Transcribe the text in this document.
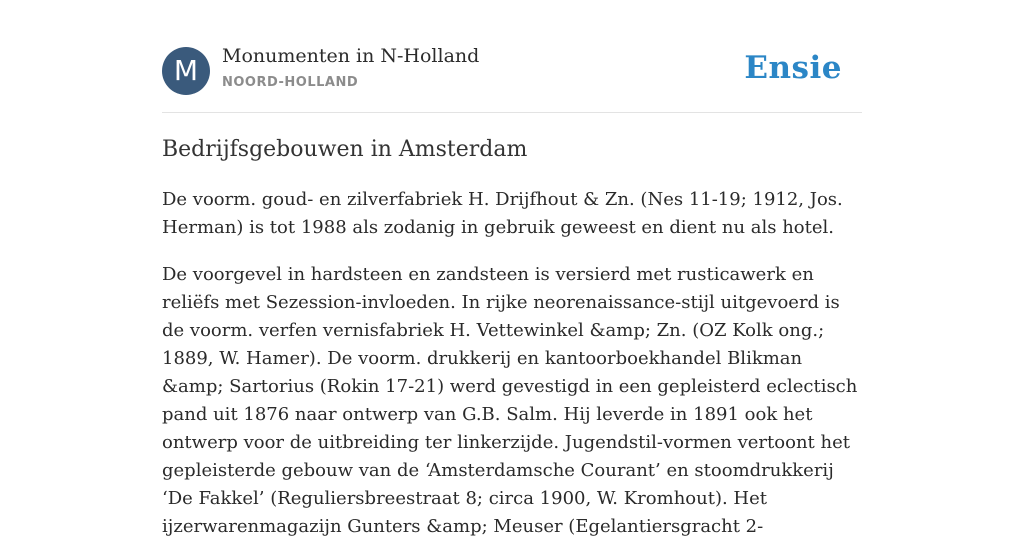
M	Monumenten in N-Holland
NOORD-HOLLAND	Ensie
Bedrijfsgebouwen in Amsterdam

De voorm. goud- en zilverfabriek H. Drijfhout & Zn. (Nes 11-19; 1912, Jos. Herman) is tot 1988 als zodanig in gebruik geweest en dient nu als hotel.

De voorgevel in hardsteen en zandsteen is versierd met rusticawerk en reliëfs met Sezession-invloeden. In rijke neorenaissance-stijl uitgevoerd is de voorm. verfen vernisfabriek H. Vettewinkel &amp; Zn. (OZ Kolk ong.; 1889, W. Hamer). De voorm. drukkerij en kantoorboekhandel Blikman &amp; Sartorius (Rokin 17-21) werd gevestigd in een gepleisterd eclectisch pand uit 1876 naar ontwerp van G.B. Salm. Hij leverde in 1891 ook het ontwerp voor de uitbreiding ter linkerzijde. Jugendstil-vormen vertoont het gepleisterde gebouw van de ‘Amsterdamsche Courant’ en stoomdrukkerij ‘De Fakkel’ (Reguliersbreestraat 8; circa 1900, W. Kromhout). Het ijzerwarenmagazijn Gunters &amp; Meuser (Egelantiersgracht 2-
